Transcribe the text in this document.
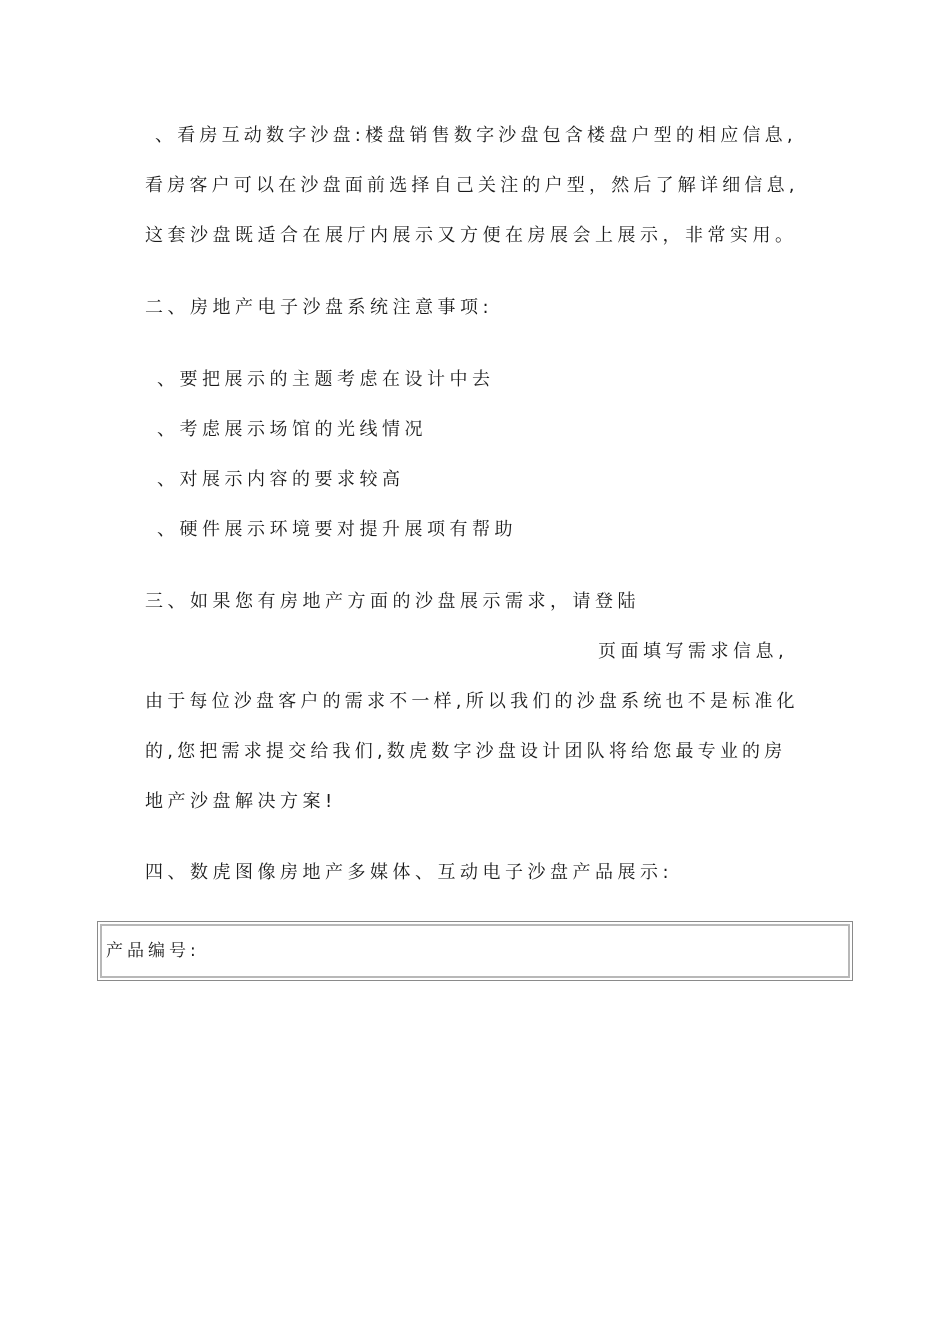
、看房互动数字沙盘:楼盘销售数字沙盘包含楼盘户型的相应信息,
看房客户可以在沙盘面前选择自己关注的户型，然后了解详细信息,
这套沙盘既适合在展厅内展示又方便在房展会上展示，非常实用。
二、房地产电子沙盘系统注意事项:
、要把展示的主题考虑在设计中去
、考虑展示场馆的光线情况
、对展示内容的要求较高
、硬件展示环境要对提升展项有帮助
三、如果您有房地产方面的沙盘展示需求，请登陆
页面填写需求信息,
由于每位沙盘客户的需求不一样,所以我们的沙盘系统也不是标准化
的,您把需求提交给我们,数虎数字沙盘设计团队将给您最专业的房
地产沙盘解决方案!
四、数虎图像房地产多媒体、互动电子沙盘产品展示:
产品编号:
